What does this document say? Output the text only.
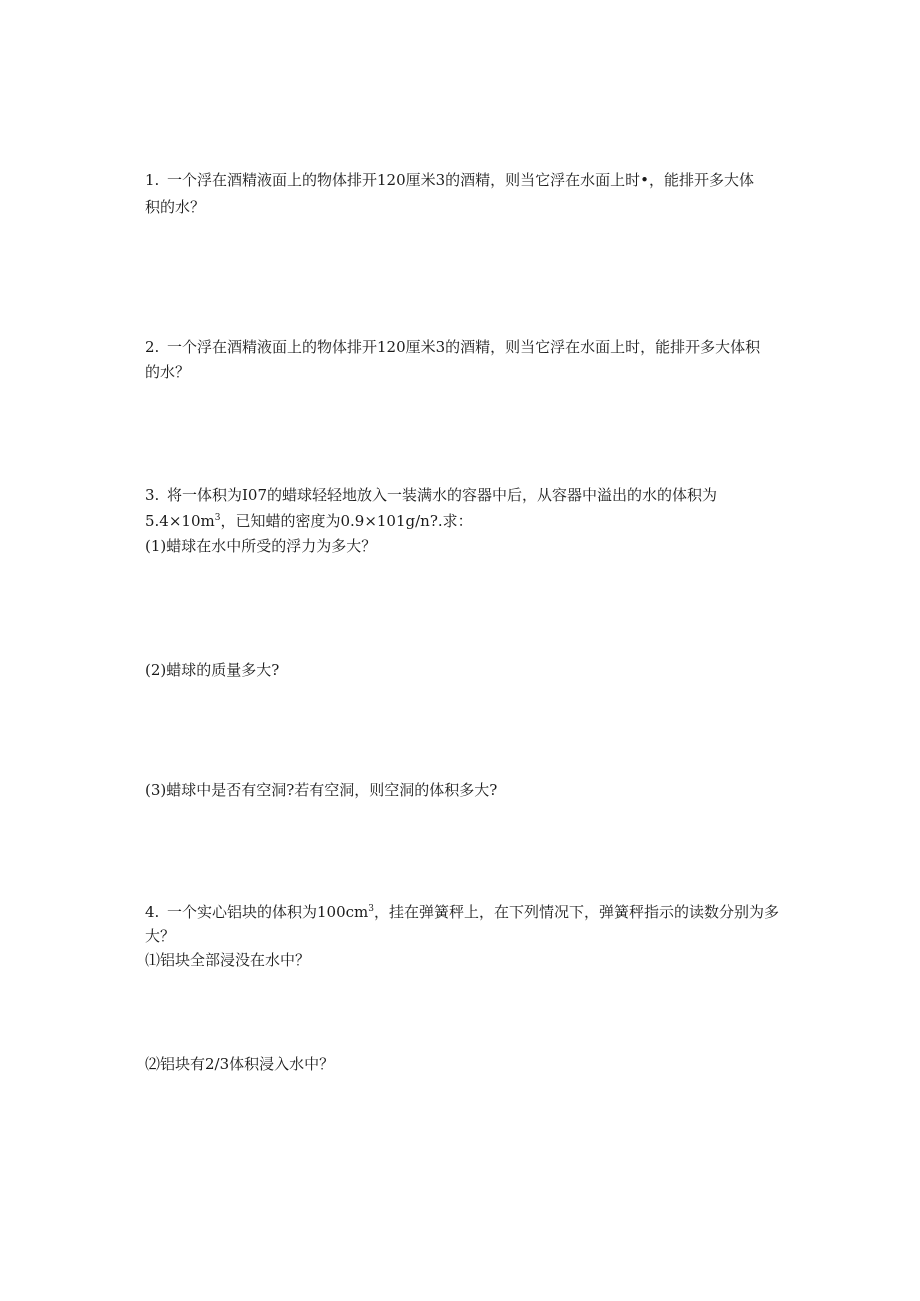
1. 一个浮在酒精液面上的物体排开120厘米3的酒精，则当它浮在水面上时•，能排开多大体
积的水？
2. 一个浮在酒精液面上的物体排开120厘米3的酒精，则当它浮在水面上时，能排开多大体积
的水？
3. 将一体积为I07的蜡球轻轻地放入一装满水的容器中后，从容器中溢出的水的体积为
$5.4\times 10m^3$，已知蜡的密度为0.9×101g/n?.求：
(1)蜡球在水中所受的浮力为多大？
(2)蜡球的质量多大?
(3)蜡球中是否有空洞?若有空洞，则空洞的体积多大?
4. 一个实心铝块的体积为$100cm^3$，挂在弹簧秤上，在下列情况下，弹簧秤指示的读数分别为多
大？
⑴铝块全部浸没在水中？
⑵铝块有2/3体积浸入水中？
